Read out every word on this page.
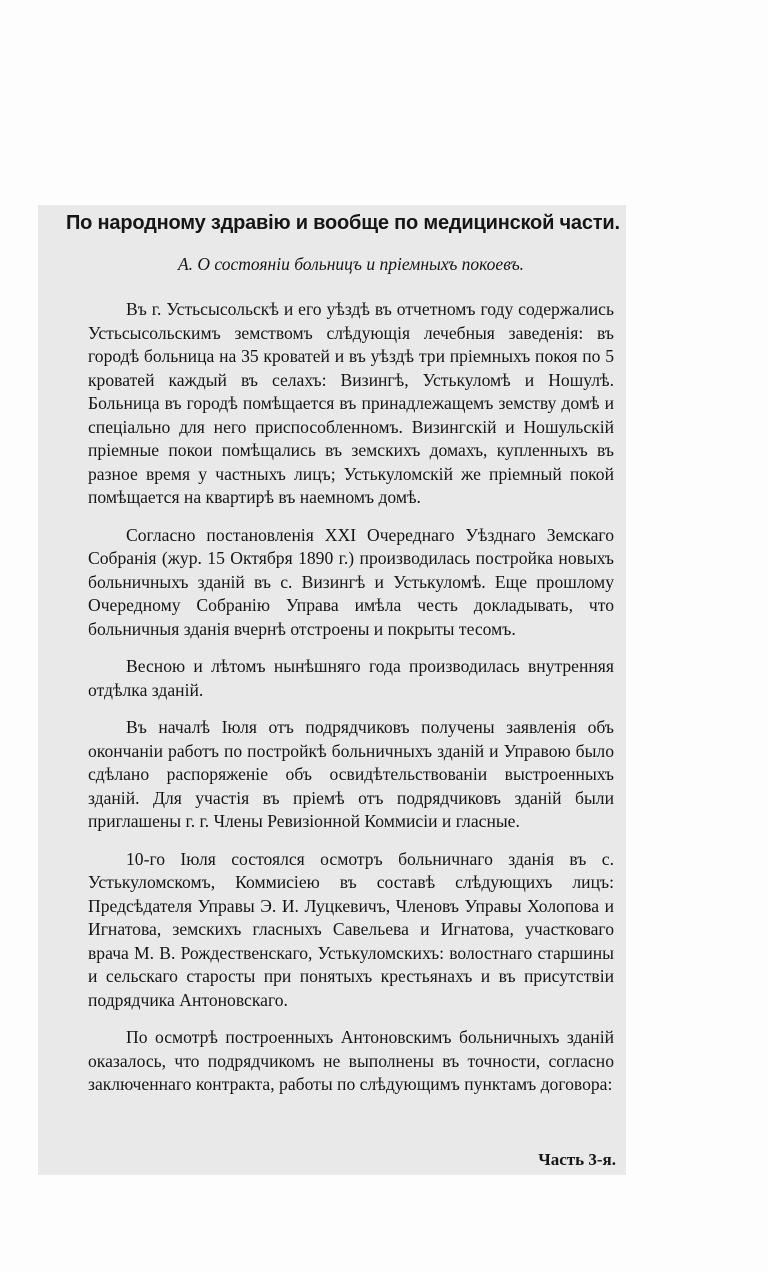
По народному здравію и вообще по медицинской части.
А. О состояніи больницъ и пріемныхъ покоевъ.

Въ г. Устьсысольскѣ и его уѣздѣ въ отчетномъ году содержались Устьсысольскимъ земствомъ слѣдующія лечебныя заведенія: въ городѣ больница на 35 кроватей и въ уѣздѣ три пріемныхъ покоя по 5 кроватей каждый въ селахъ: Визингѣ, Устькуломѣ и Ношулѣ. Больница въ городѣ помѣщается въ принадлежащемъ земству домѣ и спеціально для него приспособленномъ. Визингскій и Ношульскій пріемные покои помѣщались въ земскихъ домахъ, купленныхъ въ разное время у частныхъ лицъ; Устькуломскій же пріемный покой помѣщается на квартирѣ въ наемномъ домѣ.

Согласно постановленія XXI Очереднаго Уѣзднаго Земскаго Собранія (жур. 15 Октября 1890 г.) производилась постройка новыхъ больничныхъ зданій въ с. Визингѣ и Устькуломѣ. Еще прошлому Очередному Собранію Управа имѣла честь докладывать, что больничныя зданія вчернѣ отстроены и покрыты тесомъ.

Весною и лѣтомъ нынѣшняго года производилась внутренняя отдѣлка зданій.

Въ началѣ Іюля отъ подрядчиковъ получены заявленія объ окончаніи работъ по постройкѣ больничныхъ зданій и Управою было сдѣлано распоряженіе объ освидѣтельствованіи выстроенныхъ зданій. Для участія въ пріемѣ отъ подрядчиковъ зданій были приглашены г. г. Члены Ревизіонной Коммисіи и гласные.

10-го Іюля состоялся осмотръ больничнаго зданія въ с. Устькуломскомъ, Коммисіею въ составѣ слѣдующихъ лицъ: Предсѣдателя Управы Э. И. Луцкевичъ, Членовъ Управы Холопова и Игнатова, земскихъ гласныхъ Савельева и Игнатова, участковаго врача М. В. Рождественскаго, Устькуломскихъ: волостнаго старшины и сельскаго старосты при понятыхъ крестьянахъ и въ присутствіи подрядчика Антоновскаго.

По осмотрѣ построенныхъ Антоновскимъ больничныхъ зданій оказалось, что подрядчикомъ не выполнены въ точности, согласно заключеннаго контракта, работы по слѣдующимъ пунктамъ договора:

Часть 3-я.
